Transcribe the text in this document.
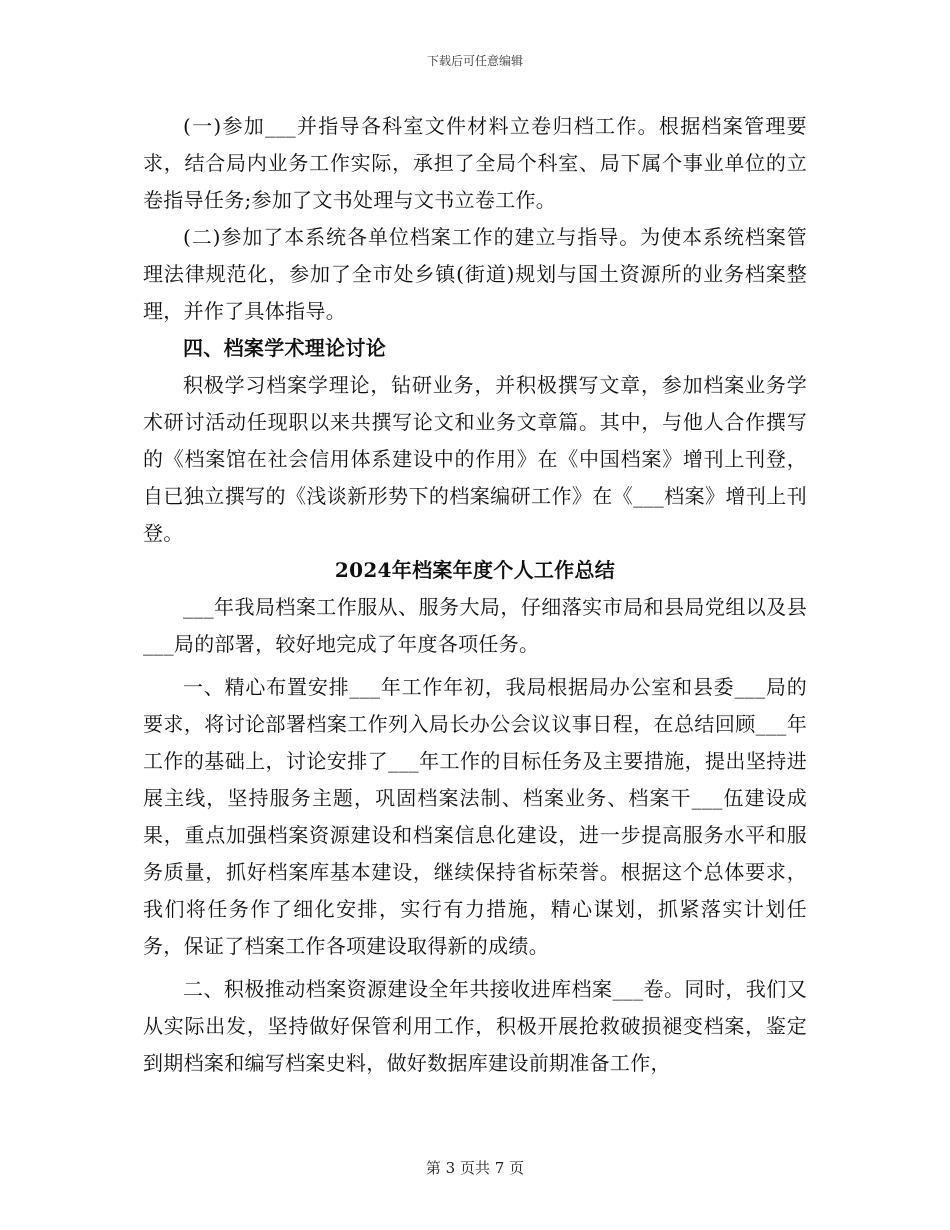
下载后可任意编辑

(一)参加___并指导各科室文件材料立卷归档工作。根据档案管理要求，结合局内业务工作实际，承担了全局个科室、局下属个事业单位的立卷指导任务;参加了文书处理与文书立卷工作。

(二)参加了本系统各单位档案工作的建立与指导。为使本系统档案管理法律规范化，参加了全市处乡镇(街道)规划与国土资源所的业务档案整理，并作了具体指导。

四、档案学术理论讨论

积极学习档案学理论，钻研业务，并积极撰写文章，参加档案业务学术研讨活动任现职以来共撰写论文和业务文章篇。其中，与他人合作撰写的《档案馆在社会信用体系建设中的作用》在《中国档案》增刊上刊登，自已独立撰写的《浅谈新形势下的档案编研工作》在《___档案》增刊上刊登。

2024年档案年度个人工作总结

___年我局档案工作服从、服务大局，仔细落实市局和县局党组以及县___局的部署，较好地完成了年度各项任务。

一、精心布置安排___年工作年初，我局根据局办公室和县委___局的要求，将讨论部署档案工作列入局长办公会议议事日程，在总结回顾___年工作的基础上，讨论安排了___年工作的目标任务及主要措施，提出坚持进展主线，坚持服务主题，巩固档案法制、档案业务、档案干___伍建设成果，重点加强档案资源建设和档案信息化建设，进一步提高服务水平和服务质量，抓好档案库基本建设，继续保持省标荣誉。根据这个总体要求，我们将任务作了细化安排，实行有力措施，精心谋划，抓紧落实计划任务，保证了档案工作各项建设取得新的成绩。

二、积极推动档案资源建设全年共接收进库档案___卷。同时，我们又从实际出发，坚持做好保管利用工作，积极开展抢救破损褪变档案，鉴定到期档案和编写档案史料，做好数据库建设前期准备工作，

第 3 页共 7 页
